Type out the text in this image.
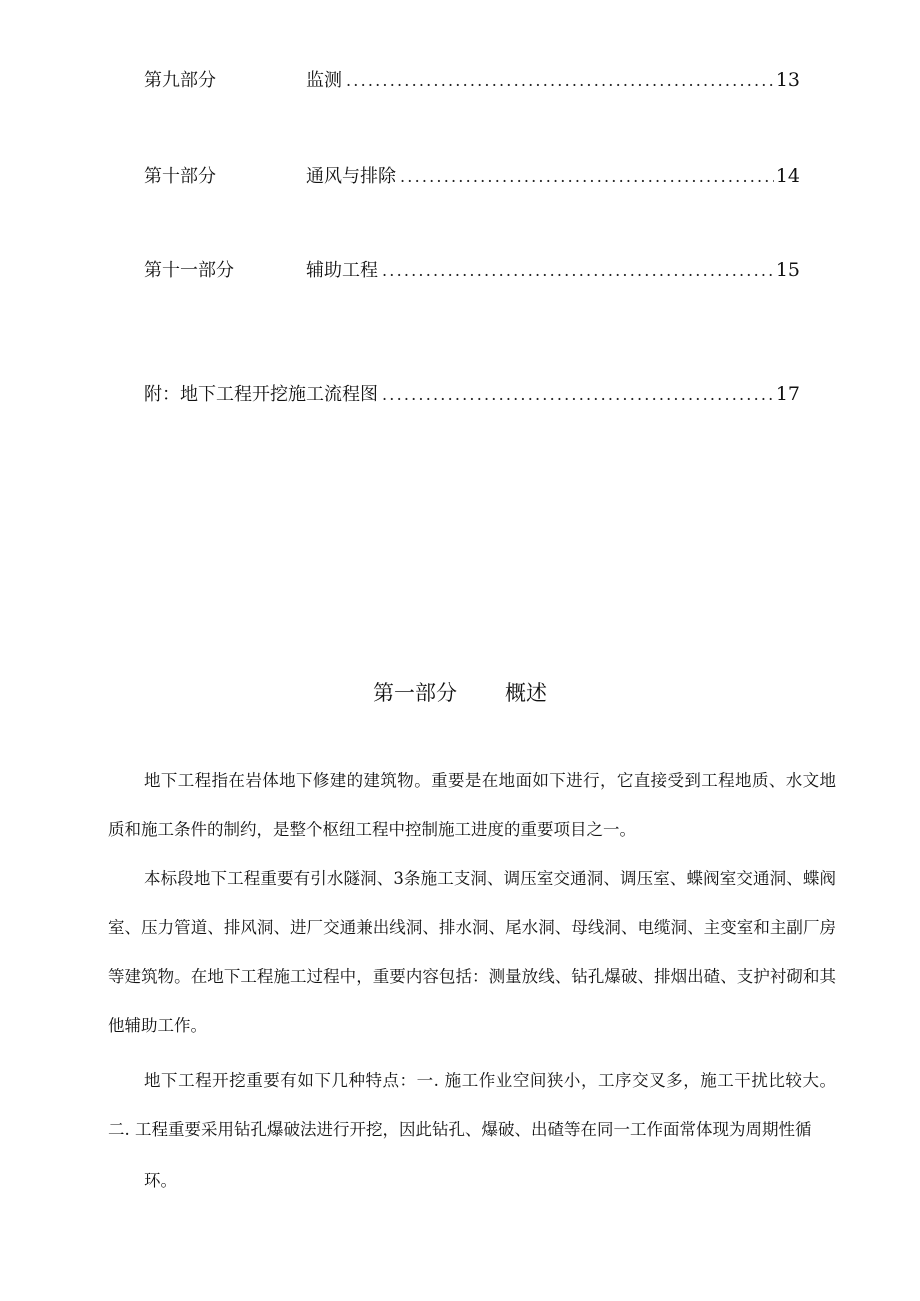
第九部分	监测 .....	13
第十部分	通风与排除 .....	14
第十一部分	辅助工程 .....	15
附：地下工程开挖施工流程图 .....	17
第一部分 概述

地下工程指在岩体地下修建的建筑物。重要是在地面如下进行，它直接受到工程地质、水文地质和施工条件的制约，是整个枢纽工程中控制施工进度的重要项目之一。

本标段地下工程重要有引水隧洞、3条施工支洞、调压室交通洞、调压室、蝶阀室交通洞、蝶阀室、压力管道、排风洞、进厂交通兼出线洞、排水洞、尾水洞、母线洞、电缆洞、主变室和主副厂房等建筑物。在地下工程施工过程中，重要内容包括：测量放线、钻孔爆破、排烟出碴、支护衬砌和其他辅助工作。

地下工程开挖重要有如下几种特点：一. 施工作业空间狭小，工序交叉多，施工干扰比较大。二. 工程重要采用钻孔爆破法进行开挖，因此钻孔、爆破、出碴等在同一工作面常体现为周期性循

环。
